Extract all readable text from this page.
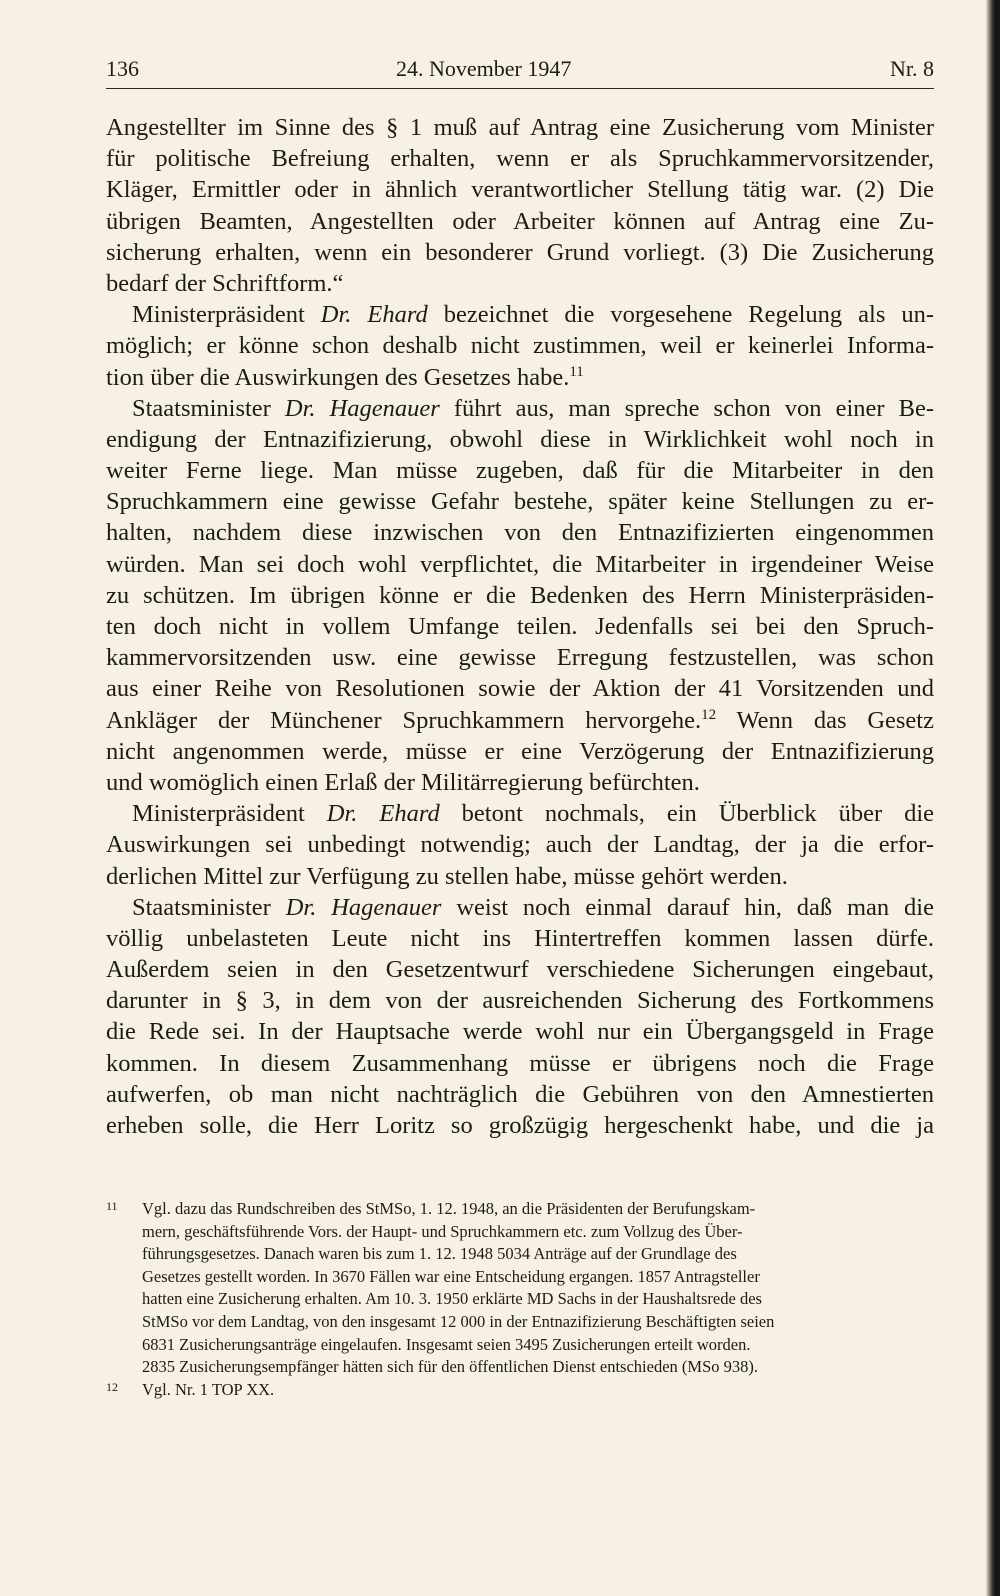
136	24. November 1947	Nr. 8
Angestellter im Sinne des § 1 muß auf Antrag eine Zusicherung vom Minister
für politische Befreiung erhalten, wenn er als Spruchkammervorsitzender,
Kläger, Ermittler oder in ähnlich verantwortlicher Stellung tätig war. (2) Die
übrigen Beamten, Angestellten oder Arbeiter können auf Antrag eine Zu-
sicherung erhalten, wenn ein besonderer Grund vorliegt. (3) Die Zusicherung
bedarf der Schriftform.“
Ministerpräsident Dr. Ehard bezeichnet die vorgesehene Regelung als un-
möglich; er könne schon deshalb nicht zustimmen, weil er keinerlei Informa-
tion über die Auswirkungen des Gesetzes habe.$^{11}$
Staatsminister Dr. Hagenauer führt aus, man spreche schon von einer Be-
endigung der Entnazifizierung, obwohl diese in Wirklichkeit wohl noch in
weiter Ferne liege. Man müsse zugeben, daß für die Mitarbeiter in den
Spruchkammern eine gewisse Gefahr bestehe, später keine Stellungen zu er-
halten, nachdem diese inzwischen von den Entnazifizierten eingenommen
würden. Man sei doch wohl verpflichtet, die Mitarbeiter in irgendeiner Weise
zu schützen. Im übrigen könne er die Bedenken des Herrn Ministerpräsiden-
ten doch nicht in vollem Umfange teilen. Jedenfalls sei bei den Spruch-
kammervorsitzenden usw. eine gewisse Erregung festzustellen, was schon
aus einer Reihe von Resolutionen sowie der Aktion der 41 Vorsitzenden und
Ankläger der Münchener Spruchkammern hervorgehe.$^{12}$ Wenn das Gesetz
nicht angenommen werde, müsse er eine Verzögerung der Entnazifizierung
und womöglich einen Erlaß der Militärregierung befürchten.
Ministerpräsident Dr. Ehard betont nochmals, ein Überblick über die
Auswirkungen sei unbedingt notwendig; auch der Landtag, der ja die erfor-
derlichen Mittel zur Verfügung zu stellen habe, müsse gehört werden.
Staatsminister Dr. Hagenauer weist noch einmal darauf hin, daß man die
völlig unbelasteten Leute nicht ins Hintertreffen kommen lassen dürfe.
Außerdem seien in den Gesetzentwurf verschiedene Sicherungen eingebaut,
darunter in § 3, in dem von der ausreichenden Sicherung des Fortkommens
die Rede sei. In der Hauptsache werde wohl nur ein Übergangsgeld in Frage
kommen. In diesem Zusammenhang müsse er übrigens noch die Frage
aufwerfen, ob man nicht nachträglich die Gebühren von den Amnestierten
erheben solle, die Herr Loritz so großzügig hergeschenkt habe, und die ja
11 Vgl. dazu das Rundschreiben des StMSo, 1. 12. 1948, an die Präsidenten der Berufungskam-
mern, geschäftsführende Vors. der Haupt- und Spruchkammern etc. zum Vollzug des Über-
führungsgesetzes. Danach waren bis zum 1. 12. 1948 5034 Anträge auf der Grundlage des
Gesetzes gestellt worden. In 3670 Fällen war eine Entscheidung ergangen. 1857 Antragsteller
hatten eine Zusicherung erhalten. Am 10. 3. 1950 erklärte MD Sachs in der Haushaltsrede des
StMSo vor dem Landtag, von den insgesamt 12 000 in der Entnazifizierung Beschäftigten seien
6831 Zusicherungsanträge eingelaufen. Insgesamt seien 3495 Zusicherungen erteilt worden.
2835 Zusicherungsempfänger hätten sich für den öffentlichen Dienst entschieden (MSo 938).
12 Vgl. Nr. 1 TOP XX.
